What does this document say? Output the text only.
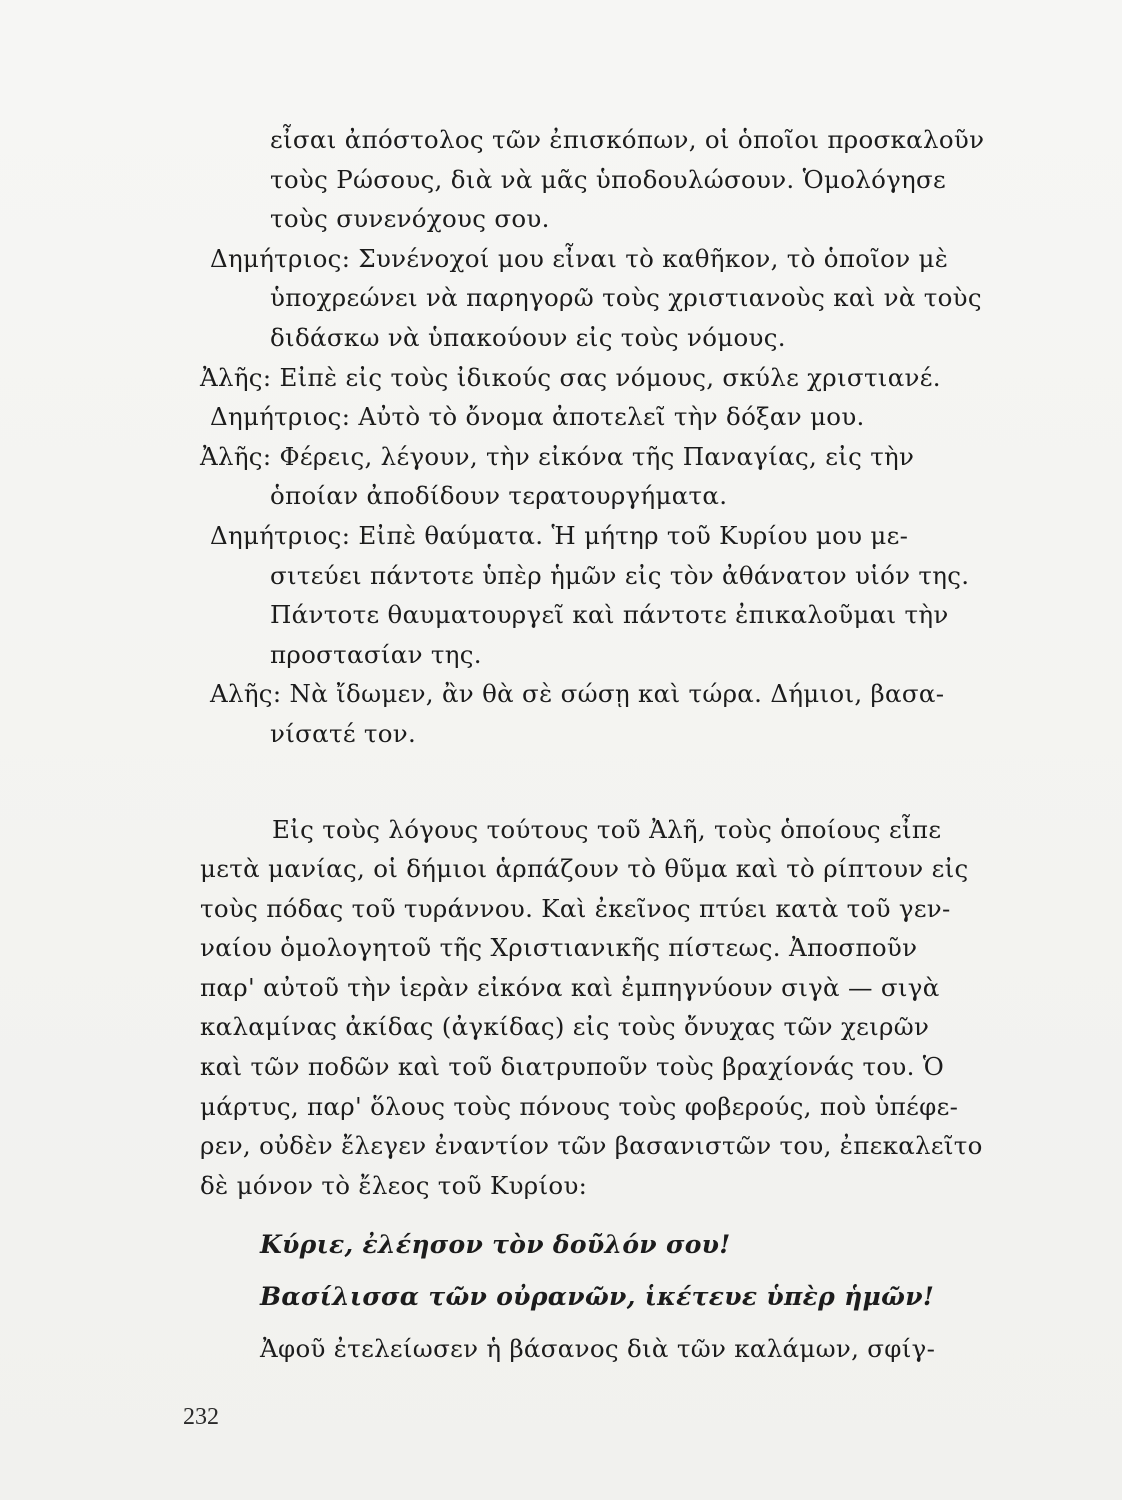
εἶσαι ἀπόστολος τῶν ἐπισκόπων, οἱ ὁποῖοι προσκαλοῦν
τοὺς Ρώσους, διὰ νὰ μᾶς ὑποδουλώσουν. Ὁμολόγησε
τοὺς συνενόχους σου.
Δημήτριος: Συνένοχοί μου εἶναι τὸ καθῆκον, τὸ ὁποῖον μὲ
ὑποχρεώνει νὰ παρηγορῶ τοὺς χριστιανοὺς καὶ νὰ τοὺς
διδάσκω νὰ ὑπακούουν εἰς τοὺς νόμους.
Ἀλῆς: Εἰπὲ εἰς τοὺς ἰδικούς σας νόμους, σκύλε χριστιανέ.
Δημήτριος: Αὐτὸ τὸ ὄνομα ἀποτελεῖ τὴν δόξαν μου.
Ἀλῆς: Φέρεις, λέγουν, τὴν εἰκόνα τῆς Παναγίας, εἰς τὴν
ὁποίαν ἀποδίδουν τερατουργήματα.
Δημήτριος: Εἰπὲ θαύματα. Ἡ μήτηρ τοῦ Κυρίου μου με-
σιτεύει πάντοτε ὑπὲρ ἡμῶν εἰς τὸν ἀθάνατον υἱόν της.
Πάντοτε θαυματουργεῖ καὶ πάντοτε ἐπικαλοῦμαι τὴν
προστασίαν της.
Αλῆς: Νὰ ἴδωμεν, ἂν θὰ σὲ σώσῃ καὶ τώρα. Δήμιοι, βασα-
νίσατέ τον.
Εἰς τοὺς λόγους τούτους τοῦ Ἀλῆ, τοὺς ὁποίους εἶπε
μετὰ μανίας, οἱ δήμιοι ἁρπάζουν τὸ θῦμα καὶ τὸ ρίπτουν εἰς
τοὺς πόδας τοῦ τυράννου. Καὶ ἐκεῖνος πτύει κατὰ τοῦ γεν-
ναίου ὁμολογητοῦ τῆς Χριστιανικῆς πίστεως. Ἀποσποῦν
παρ' αὐτοῦ τὴν ἱερὰν εἰκόνα καὶ ἐμπηγνύουν σιγὰ — σιγὰ
καλαμίνας ἀκίδας (ἀγκίδας) εἰς τοὺς ὄνυχας τῶν χειρῶν
καὶ τῶν ποδῶν καὶ τοῦ διατρυποῦν τοὺς βραχίονάς του. Ὁ
μάρτυς, παρ' ὅλους τοὺς πόνους τοὺς φοβερούς, ποὺ ὑπέφε-
ρεν, οὐδὲν ἔλεγεν ἐναντίον τῶν βασανιστῶν του, ἐπεκαλεῖτο
δὲ μόνον τὸ ἔλεος τοῦ Κυρίου:
Κύριε, ἐλέησον τὸν δοῦλόν σου!
Βασίλισσα τῶν οὐρανῶν, ἱκέτευε ὑπὲρ ἡμῶν!
Ἀφοῦ ἐτελείωσεν ἡ βάσανος διὰ τῶν καλάμων, σφίγ-
232
